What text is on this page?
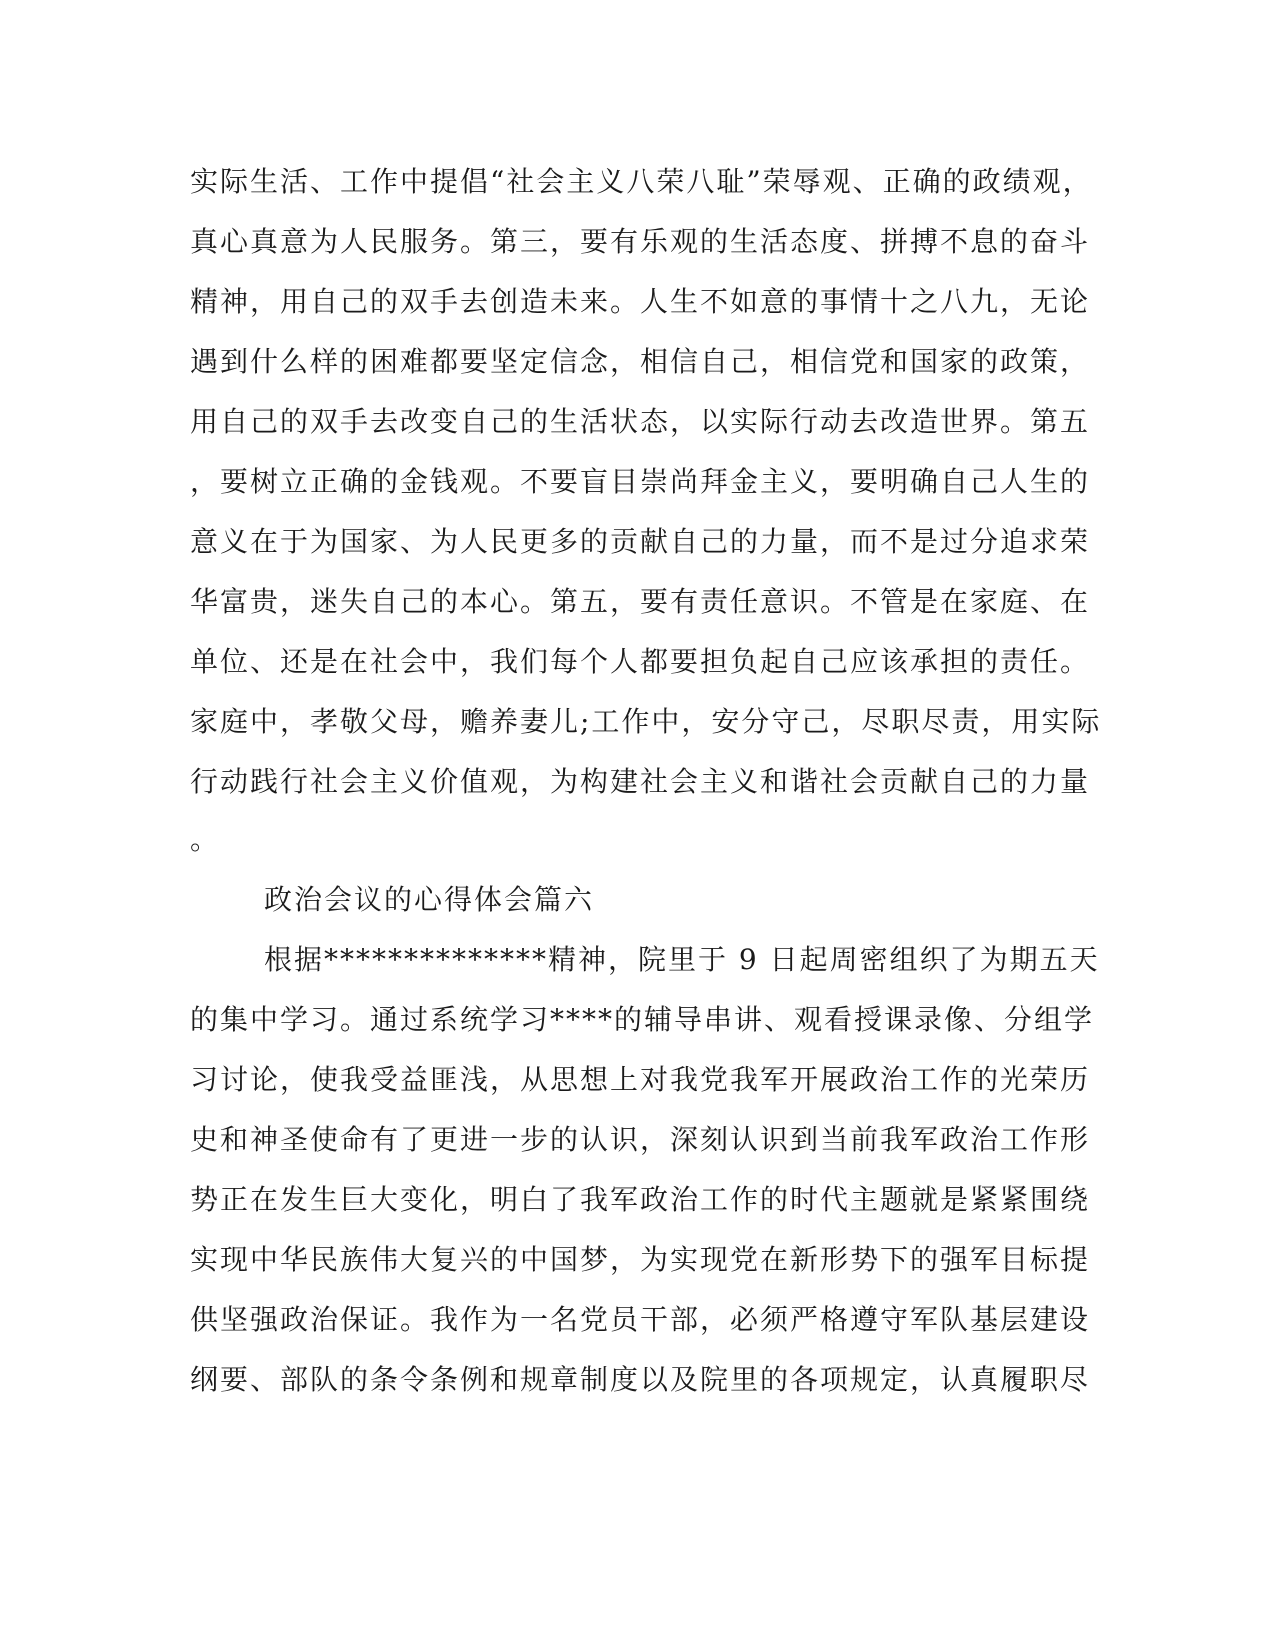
实际生活、工作中提倡“社会主义八荣八耻”荣辱观、正确的政绩观，
真心真意为人民服务。第三，要有乐观的生活态度、拼搏不息的奋斗
精神，用自己的双手去创造未来。人生不如意的事情十之八九，无论
遇到什么样的困难都要坚定信念，相信自己，相信党和国家的政策，
用自己的双手去改变自己的生活状态，以实际行动去改造世界。第五
，要树立正确的金钱观。不要盲目崇尚拜金主义，要明确自己人生的
意义在于为国家、为人民更多的贡献自己的力量，而不是过分追求荣
华富贵，迷失自己的本心。第五，要有责任意识。不管是在家庭、在
单位、还是在社会中，我们每个人都要担负起自己应该承担的责任。
家庭中，孝敬父母，赡养妻儿;工作中，安分守己，尽职尽责，用实际
行动践行社会主义价值观，为构建社会主义和谐社会贡献自己的力量
。
政治会议的心得体会篇六
根据**************精神，院里于 9 日起周密组织了为期五天
的集中学习。通过系统学习****的辅导串讲、观看授课录像、分组学
习讨论，使我受益匪浅，从思想上对我党我军开展政治工作的光荣历
史和神圣使命有了更进一步的认识，深刻认识到当前我军政治工作形
势正在发生巨大变化，明白了我军政治工作的时代主题就是紧紧围绕
实现中华民族伟大复兴的中国梦，为实现党在新形势下的强军目标提
供坚强政治保证。我作为一名党员干部，必须严格遵守军队基层建设
纲要、部队的条令条例和规章制度以及院里的各项规定，认真履职尽
